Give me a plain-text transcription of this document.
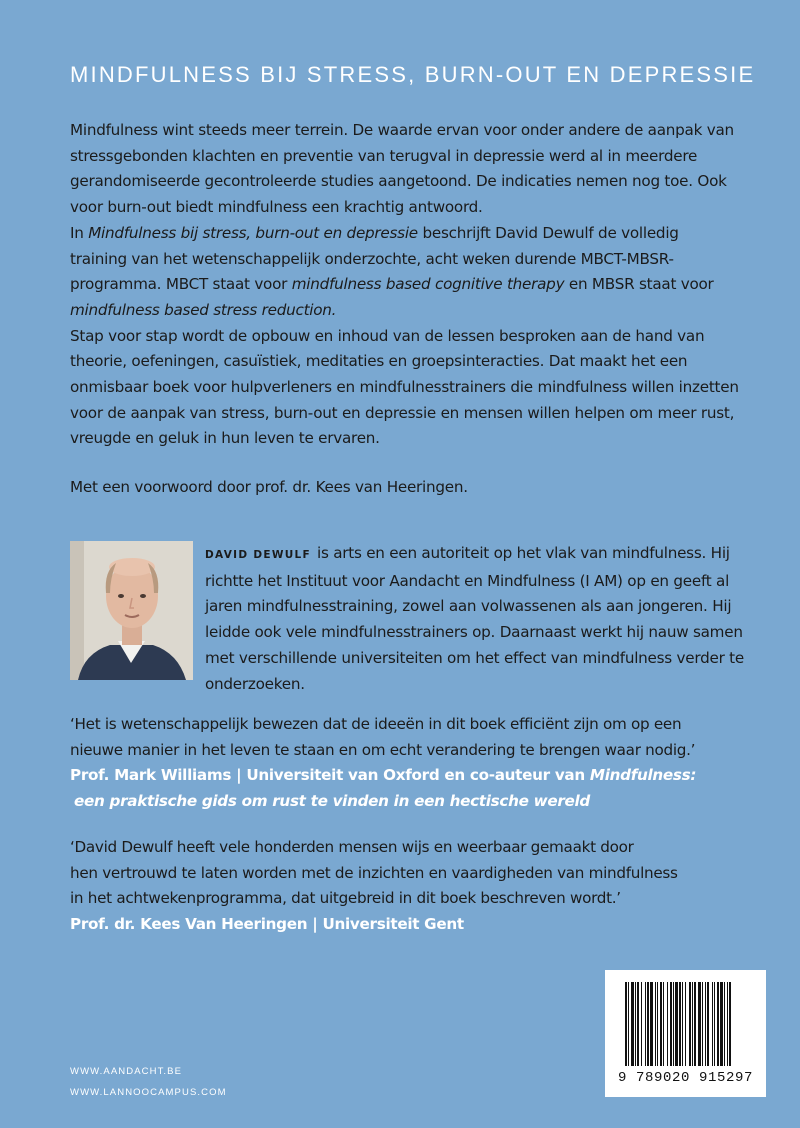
MINDFULNESS BIJ STRESS, BURN-OUT EN DEPRESSIE

Mindfulness wint steeds meer terrein. De waarde ervan voor onder andere de aanpak van stressgebonden klachten en preventie van terugval in depressie werd al in meerdere gerandomiseerde gecontroleerde studies aangetoond. De indicaties nemen nog toe. Ook voor burn-out biedt mindfulness een krachtig antwoord.

In Mindfulness bij stress, burn-out en depressie beschrijft David Dewulf de volledig training van het wetenschappelijk onderzochte, acht weken durende MBCT-MBSR-programma. MBCT staat voor mindfulness based cognitive therapy en MBSR staat voor mindfulness based stress reduction.

Stap voor stap wordt de opbouw en inhoud van de lessen besproken aan de hand van theorie, oefeningen, casuïstiek, meditaties en groepsinteracties. Dat maakt het een onmisbaar boek voor hulpverleners en mindfulnesstrainers die mindfulness willen inzetten voor de aanpak van stress, burn-out en depressie en mensen willen helpen om meer rust, vreugde en geluk in hun leven te ervaren.

Met een voorwoord door prof. dr. Kees van Heeringen.

DAVID DEWULF is arts en een autoriteit op het vlak van mindfulness. Hij richtte het Instituut voor Aandacht en Mindfulness (I AM) op en geeft al jaren mindfulnesstraining, zowel aan volwassenen als aan jongeren. Hij leidde ook vele mindfulnesstrainers op. Daarnaast werkt hij nauw samen met verschillende universiteiten om het effect van mindfulness verder te onderzoeken.

‘Het is wetenschappelijk bewezen dat de ideeën in dit boek efficiënt zijn om op een

nieuwe manier in het leven te staan en om echt verandering te brengen waar nodig.’

Prof. Mark Williams | Universiteit van Oxford en co-auteur van Mindfulness:

een praktische gids om rust te vinden in een hectische wereld

‘David Dewulf heeft vele honderden mensen wijs en weerbaar gemaakt door

hen vertrouwd te laten worden met de inzichten en vaardigheden van mindfulness

in het achtwekenprogramma, dat uitgebreid in dit boek beschreven wordt.’

Prof. dr. Kees Van Heeringen | Universiteit Gent

WWW.AANDACHT.BE
WWW.LANNOOCAMPUS.COM
9 789020 915297
